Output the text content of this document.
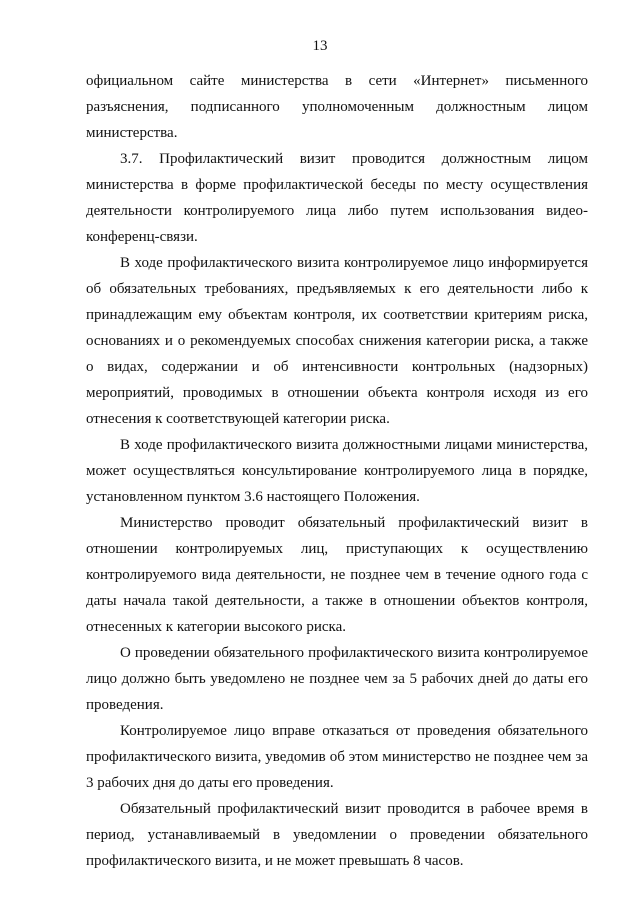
13

официальном сайте министерства в сети «Интернет» письменного разъяснения, подписанного уполномоченным должностным лицом министерства.

3.7. Профилактический визит проводится должностным лицом министерства в форме профилактической беседы по месту осуществления деятельности контролируемого лица либо путем использования видео-конференц-связи.

В ходе профилактического визита контролируемое лицо информируется об обязательных требованиях, предъявляемых к его деятельности либо к принадлежащим ему объектам контроля, их соответствии критериям риска, основаниях и о рекомендуемых способах снижения категории риска, а также о видах, содержании и об интенсивности контрольных (надзорных) мероприятий, проводимых в отношении объекта контроля исходя из его отнесения к соответствующей категории риска.

В ходе профилактического визита должностными лицами министерства, может осуществляться консультирование контролируемого лица в порядке, установленном пунктом 3.6 настоящего Положения.

Министерство проводит обязательный профилактический визит в отношении контролируемых лиц, приступающих к осуществлению контролируемого вида деятельности, не позднее чем в течение одного года с даты начала такой деятельности, а также в отношении объектов контроля, отнесенных к категории высокого риска.

О проведении обязательного профилактического визита контролируемое лицо должно быть уведомлено не позднее чем за 5 рабочих дней до даты его проведения.

Контролируемое лицо вправе отказаться от проведения обязательного профилактического визита, уведомив об этом министерство не позднее чем за 3 рабочих дня до даты его проведения.

Обязательный профилактический визит проводится в рабочее время в период, устанавливаемый в уведомлении о проведении обязательного профилактического визита, и не может превышать 8 часов.
